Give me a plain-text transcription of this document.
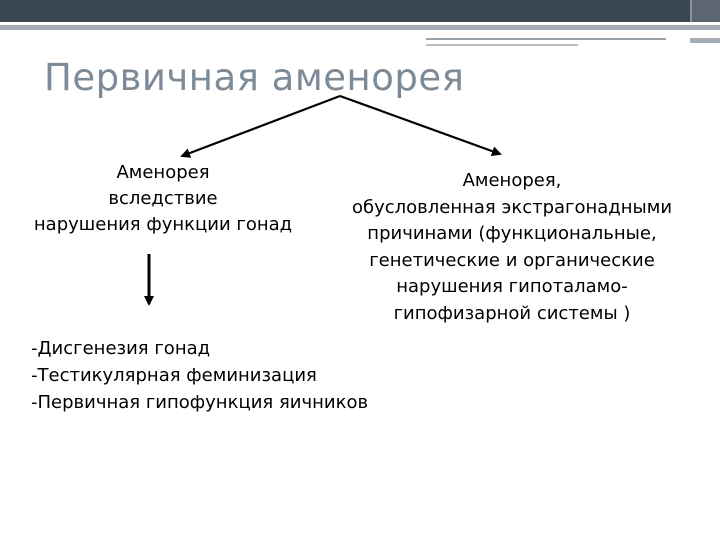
Первичная аменорея
Аменорея
вследствие
нарушения функции гонад
Аменорея,
обусловленная экстрагонадными
причинами (функциональные,
генетические и органические
нарушения гипоталамо-
гипофизарной системы )
-Дисгенезия гонад
-Тестикулярная феминизация
-Первичная гипофункция яичников
